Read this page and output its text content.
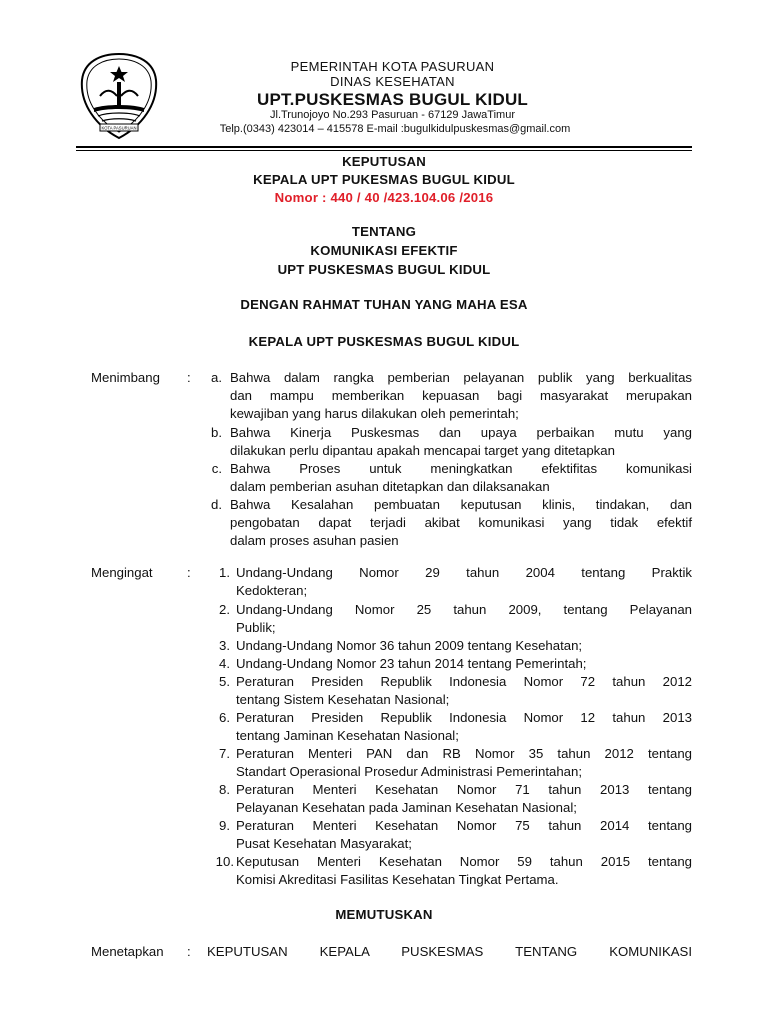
KOTA PASURUAN
PEMERINTAH KOTA PASURUAN
DINAS KESEHATAN
UPT.PUSKESMAS BUGUL KIDUL
Jl.Trunojoyo No.293 Pasuruan - 67129 JawaTimur
Telp.(0343) 423014 – 415578 E-mail :bugulkidulpuskesmas@gmail.com
KEPUTUSAN
KEPALA UPT PUKESMAS BUGUL KIDUL
Nomor : 440 / 40 /423.104.06 /2016
TENTANG
KOMUNIKASI EFEKTIF
UPT PUSKESMAS BUGUL KIDUL
DENGAN RAHMAT TUHAN YANG MAHA ESA
KEPALA UPT PUSKESMAS BUGUL KIDUL
Menimbang :	a. Bahwa dalam rangka pemberian pelayanan publik yang berkualitas
dan mampu memberikan kepuasan bagi masyarakat merupakan
kewajiban yang harus dilakukan oleh pemerintah;
b. Bahwa Kinerja Puskesmas dan upaya perbaikan mutu yang
dilakukan perlu dipantau apakah mencapai target yang ditetapkan
c. Bahwa Proses untuk meningkatkan efektifitas komunikasi
dalam pemberian asuhan ditetapkan dan dilaksanakan
d. Bahwa Kesalahan pembuatan keputusan klinis, tindakan, dan
pengobatan dapat terjadi akibat komunikasi yang tidak efektif
dalam proses asuhan pasien
Mengingat	:	1. Undang-Undang Nomor 29 tahun 2004 tentang Praktik
Kedokteran;
2. Undang-Undang Nomor 25 tahun 2009, tentang Pelayanan
Publik;
3. Undang-Undang Nomor 36 tahun 2009 tentang Kesehatan;
4. Undang-Undang Nomor 23 tahun 2014 tentang Pemerintah;
5. Peraturan Presiden Republik Indonesia Nomor 72 tahun 2012
tentang Sistem Kesehatan Nasional;
6. Peraturan Presiden Republik Indonesia Nomor 12 tahun 2013
tentang Jaminan Kesehatan Nasional;
7. Peraturan Menteri PAN dan RB Nomor 35 tahun 2012 tentang
Standart Operasional Prosedur Administrasi Pemerintahan;
8. Peraturan Menteri Kesehatan Nomor 71 tahun 2013 tentang
Pelayanan Kesehatan pada Jaminan Kesehatan Nasional;
9. Peraturan Menteri Kesehatan Nomor 75 tahun 2014 tentang
Pusat Kesehatan Masyarakat;
10. Keputusan Menteri Kesehatan Nomor 59 tahun 2015 tentang
Komisi Akreditasi Fasilitas Kesehatan Tingkat Pertama.
MEMUTUSKAN
Menetapkan : KEPUTUSAN KEPALA PUSKESMAS TENTANG KOMUNIKASI
